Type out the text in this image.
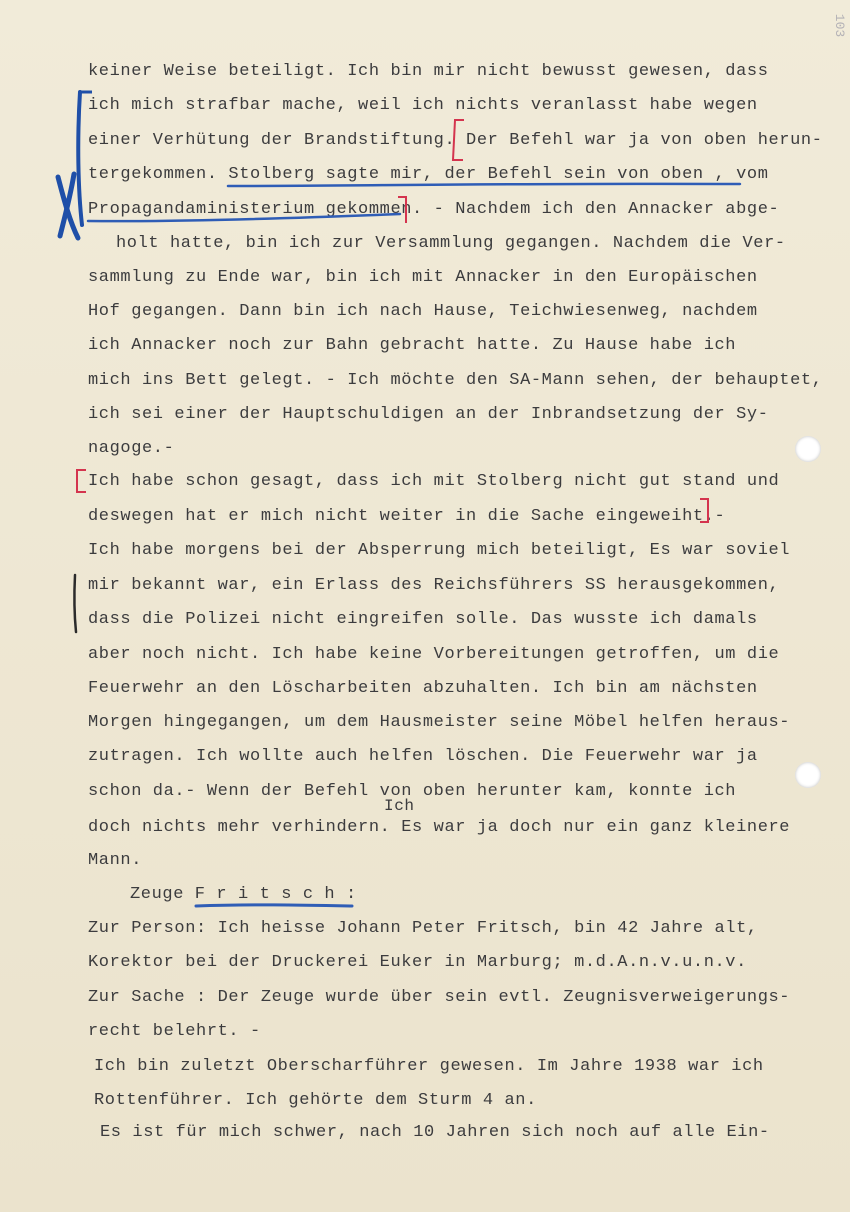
103
keiner Weise beteiligt. Ich bin mir nicht bewusst gewesen, dass
ich mich strafbar mache, weil ich nichts veranlasst habe wegen
einer Verhütung der Brandstiftung. Der Befehl war ja von oben herun-
tergekommen. Stolberg sagte mir, der Befehl sein von oben , vom
Propagandaministerium gekommen. - Nachdem ich den Annacker abge-
holt hatte, bin ich zur Versammlung gegangen. Nachdem die Ver-
sammlung zu Ende war, bin ich mit Annacker in den Europäischen
Hof gegangen. Dann bin ich nach Hause, Teichwiesenweg, nachdem
ich Annacker noch zur Bahn gebracht hatte. Zu Hause habe ich
mich ins Bett gelegt. - Ich möchte den SA-Mann sehen, der behauptet,
ich sei einer der Hauptschuldigen an der Inbrandsetzung der Sy-
nagoge.-
Ich habe schon gesagt, dass ich mit Stolberg nicht gut stand und
deswegen hat er mich nicht weiter in die Sache eingeweiht.-
Ich habe morgens bei der Absperrung mich beteiligt, Es war soviel
mir bekannt war, ein Erlass des Reichsführers SS herausgekommen,
dass die Polizei nicht eingreifen solle. Das wusste ich damals
aber noch nicht. Ich habe keine Vorbereitungen getroffen, um die
Feuerwehr an den Löscharbeiten abzuhalten. Ich bin am nächsten
Morgen hingegangen, um dem Hausmeister seine Möbel helfen heraus-
zutragen. Ich wollte auch helfen löschen. Die Feuerwehr war ja
schon da.- Wenn der Befehl von oben herunter kam, konnte ich
doch nichts mehr verhindern. Es war ja doch nur ein ganz kleinere
Mann.
Zeuge F r i t s c h :
Zur Person: Ich heisse Johann Peter Fritsch, bin 42 Jahre alt,
Korektor bei der Druckerei Euker in Marburg; m.d.A.n.v.u.n.v.
Zur Sache : Der Zeuge wurde über sein evtl. Zeugnisverweigerungs-
recht belehrt. -
Ich bin zuletzt Oberscharführer gewesen. Im Jahre 1938 war ich
Rottenführer. Ich gehörte dem Sturm 4 an.
Es ist für mich schwer, nach 10 Jahren sich noch auf alle Ein-
Ich
